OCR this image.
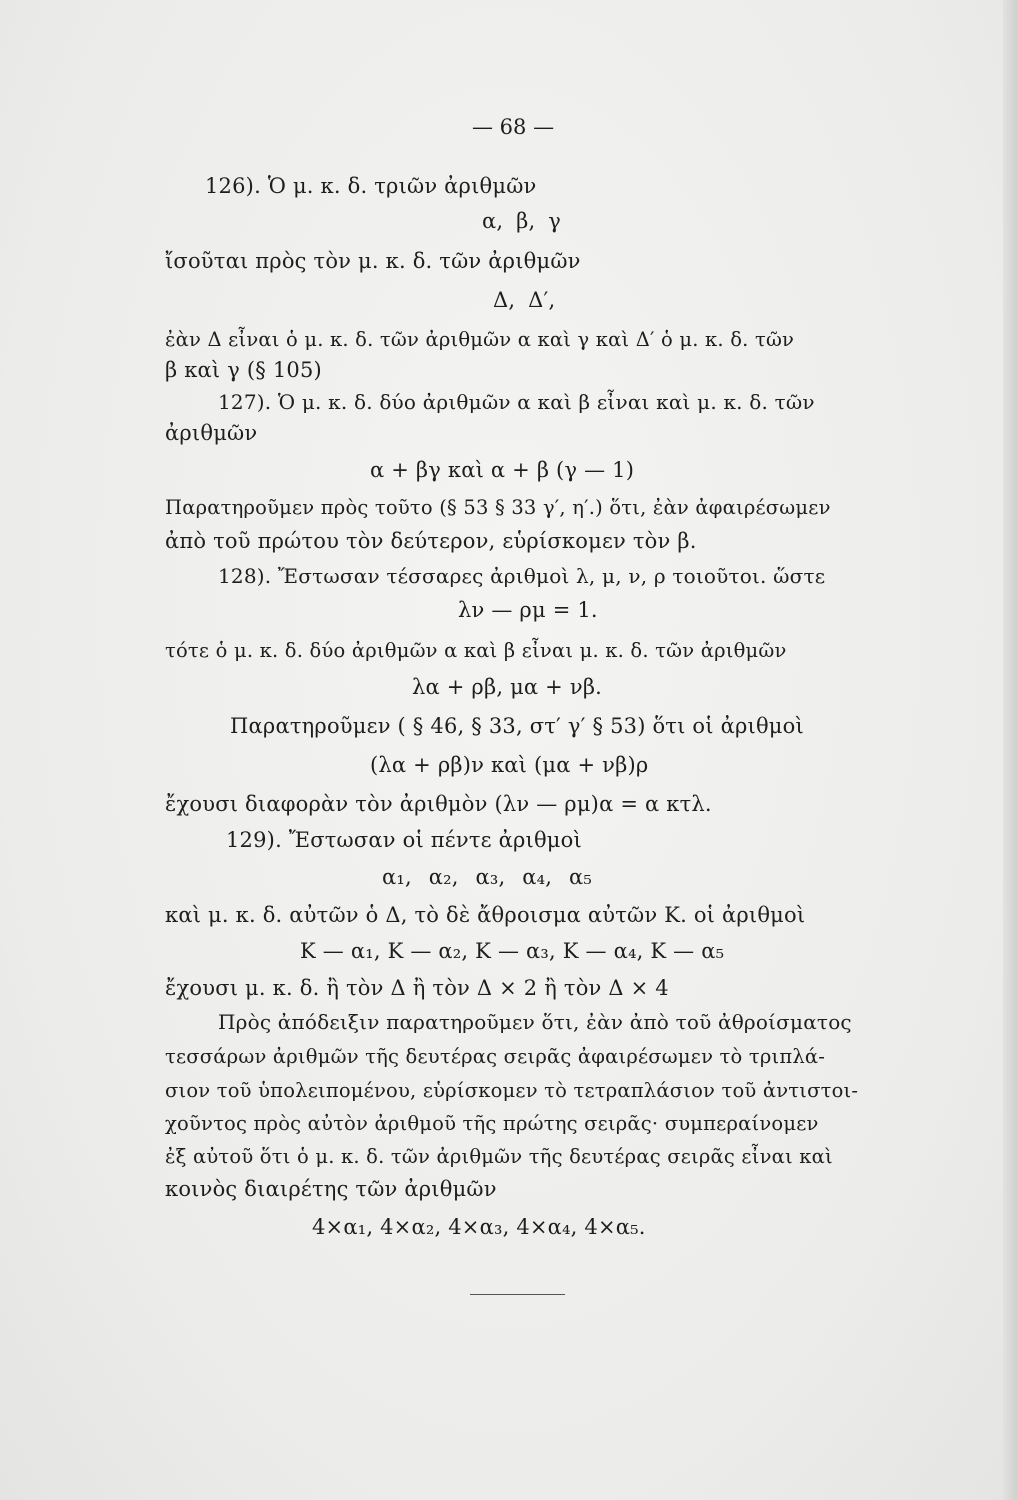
— 68 —
126). Ὁ μ. κ. δ. τριῶν ἀριθμῶν
α, β, γ
ἴσοῦται πρὸς τὸν μ. κ. δ. τῶν ἀριθμῶν
Δ, Δ′,
ἐὰν Δ εἶναι ὁ μ. κ. δ. τῶν ἀριθμῶν α καὶ γ καὶ Δ′ ὁ μ. κ. δ. τῶν
β καὶ γ (§ 105)
127). Ὁ μ. κ. δ. δύο ἀριθμῶν α καὶ β εἶναι καὶ μ. κ. δ. τῶν
ἀριθμῶν
α + βγ καὶ α + β (γ — 1)
Παρατηροῦμεν πρὸς τοῦτο (§ 53 § 33 γ′, η′.) ὅτι, ἐὰν ἀφαιρέσωμεν
ἀπὸ τοῦ πρώτου τὸν δεύτερον, εὑρίσκομεν τὸν β.
128). Ἔστωσαν τέσσαρες ἀριθμοὶ λ, μ, ν, ρ τοιοῦτοι. ὥστε
λν — ρμ = 1.
τότε ὁ μ. κ. δ. δύο ἀριθμῶν α καὶ β εἶναι μ. κ. δ. τῶν ἀριθμῶν
λα + ρβ, μα + νβ.
Παρατηροῦμεν ( § 46, § 33, στ′ γ′ § 53) ὅτι οἱ ἀριθμοὶ
(λα + ρβ)ν καὶ (μα + νβ)ρ
ἔχουσι διαφορὰν τὸν ἀριθμὸν (λν — ρμ)α = α κτλ.
129). Ἔστωσαν οἱ πέντε ἀριθμοὶ
α₁, α₂, α₃, α₄, α₅
καὶ μ. κ. δ. αὐτῶν ὁ Δ, τὸ δὲ ἄθροισμα αὐτῶν Κ. οἱ ἀριθμοὶ
Κ — α₁, Κ — α₂, Κ — α₃, Κ — α₄, Κ — α₅
ἔχουσι μ. κ. δ. ἢ τὸν Δ ἢ τὸν Δ × 2 ἢ τὸν Δ × 4
Πρὸς ἀπόδειξιν παρατηροῦμεν ὅτι, ἐὰν ἀπὸ τοῦ ἀθροίσματος
τεσσάρων ἀριθμῶν τῆς δευτέρας σειρᾶς ἀφαιρέσωμεν τὸ τριπλά-
σιον τοῦ ὑπολειπομένου, εὑρίσκομεν τὸ τετραπλάσιον τοῦ ἀντιστοι-
χοῦντος πρὸς αὐτὸν ἀριθμοῦ τῆς πρώτης σειρᾶς· συμπεραίνομεν
ἐξ αὐτοῦ ὅτι ὁ μ. κ. δ. τῶν ἀριθμῶν τῆς δευτέρας σειρᾶς εἶναι καὶ
κοινὸς διαιρέτης τῶν ἀριθμῶν
4×α₁, 4×α₂, 4×α₃, 4×α₄, 4×α₅.
